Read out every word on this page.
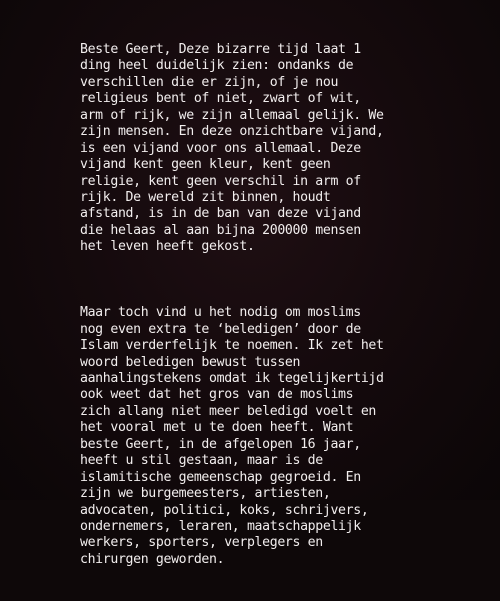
Beste Geert, Deze bizarre tijd laat 1
ding heel duidelijk zien: ondanks de
verschillen die er zijn, of je nou
religieus bent of niet, zwart of wit,
arm of rijk, we zijn allemaal gelijk. We
zijn mensen. En deze onzichtbare vijand,
is een vijand voor ons allemaal. Deze
vijand kent geen kleur, kent geen
religie, kent geen verschil in arm of
rijk. De wereld zit binnen, houdt
afstand, is in de ban van deze vijand
die helaas al aan bijna 200000 mensen
het leven heeft gekost.

Maar toch vind u het nodig om moslims
nog even extra te ‘beledigen’ door de
Islam verderfelijk te noemen. Ik zet het
woord beledigen bewust tussen
aanhalingstekens omdat ik tegelijkertijd
ook weet dat het gros van de moslims
zich allang niet meer beledigd voelt en
het vooral met u te doen heeft. Want
beste Geert, in de afgelopen 16 jaar,
heeft u stil gestaan, maar is de
islamitische gemeenschap gegroeid. En
zijn we burgemeesters, artiesten,
advocaten, politici, koks, schrijvers,
ondernemers, leraren, maatschappelijk
werkers, sporters, verplegers en
chirurgen geworden.
